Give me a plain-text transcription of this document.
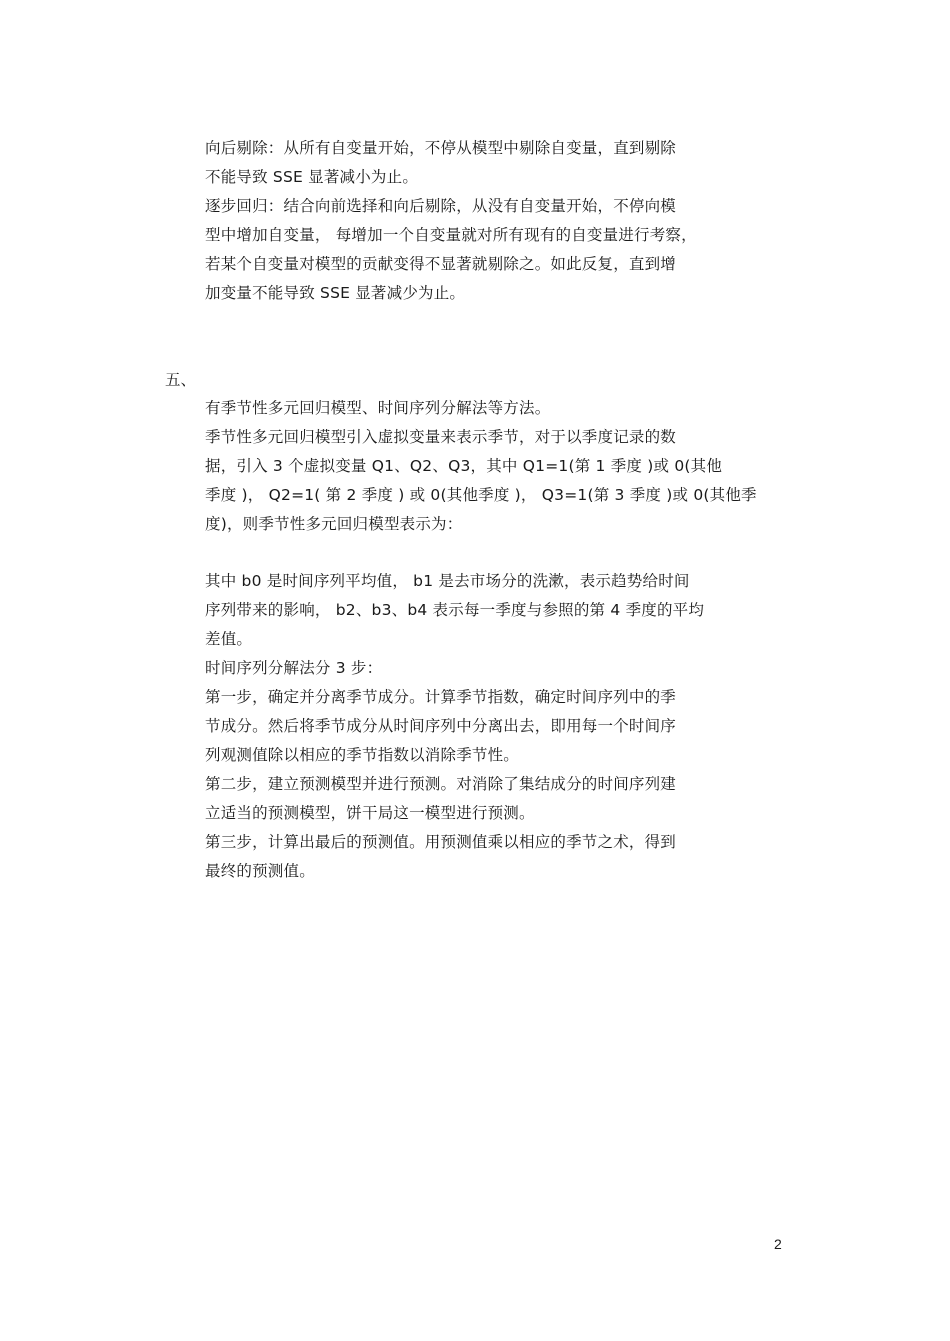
向后剔除：从所有自变量开始，不停从模型中剔除自变量，直到剔除
不能导致 SSE 显著减小为止。
逐步回归：结合向前选择和向后剔除，从没有自变量开始，不停向模
型中增加自变量， 每增加一个自变量就对所有现有的自变量进行考察，
若某个自变量对模型的贡献变得不显著就剔除之。如此反复，直到增
加变量不能导致 SSE 显著减少为止。
五、
有季节性多元回归模型、时间序列分解法等方法。
季节性多元回归模型引入虚拟变量来表示季节，对于以季度记录的数
据，引入 3 个虚拟变量 Q1、Q2、Q3，其中 Q1=1(第 1 季度 )或 0(其他
季度 )， Q2=1( 第 2 季度 ) 或 0(其他季度 )， Q3=1(第 3 季度 )或 0(其他季
度)，则季节性多元回归模型表示为：
其中 b0 是时间序列平均值， b1 是去市场分的洗漱，表示趋势给时间
序列带来的影响， b2、b3、b4 表示每一季度与参照的第 4 季度的平均
差值。
时间序列分解法分 3 步：
第一步，确定并分离季节成分。计算季节指数，确定时间序列中的季
节成分。然后将季节成分从时间序列中分离出去，即用每一个时间序
列观测值除以相应的季节指数以消除季节性。
第二步，建立预测模型并进行预测。对消除了集结成分的时间序列建
立适当的预测模型，饼干局这一模型进行预测。
第三步，计算出最后的预测值。用预测值乘以相应的季节之术，得到
最终的预测值。
2
